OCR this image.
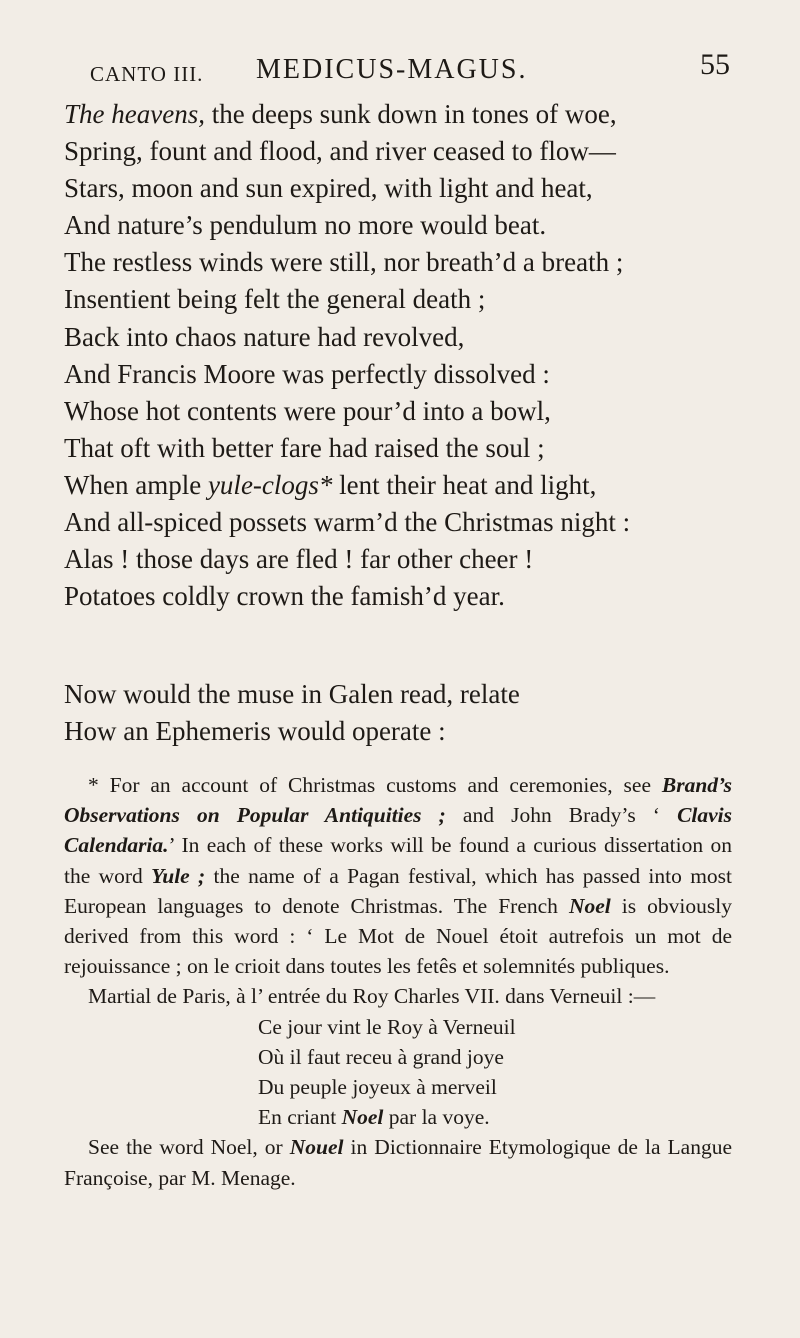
CANTO III. MEDICUS-MAGUS.	55
The heavens, the deeps sunk down in tones of woe,
Spring, fount and flood, and river ceased to flow—
Stars, moon and sun expired, with light and heat,
And nature’s pendulum no more would beat.
The restless winds were still, nor breath’d a breath ;
Insentient being felt the general death ;
Back into chaos nature had revolved,
And Francis Moore was perfectly dissolved :
Whose hot contents were pour’d into a bowl,
That oft with better fare had raised the soul ;
When ample yule-clogs* lent their heat and light,
And all-spiced possets warm’d the Christmas night :
Alas ! those days are fled ! far other cheer !
Potatoes coldly crown the famish’d year.
Now would the muse in Galen read, relate
How an Ephemeris would operate :

* For an account of Christmas customs and ceremonies, see Brand’s Observations on Popular Antiquities ; and John Brady’s ‘ Clavis Calendaria.’ In each of these works will be found a curious dissertation on the word Yule ; the name of a Pagan festival, which has passed into most European languages to denote Christmas. The French Noel is obviously derived from this word : ‘ Le Mot de Nouel étoit autrefois un mot de rejouissance ; on le crioit dans toutes les fetês et solemnités publiques.

Martial de Paris, à l’ entrée du Roy Charles VII. dans Verneuil :—

Ce jour vint le Roy à Verneuil
Où il faut receu à grand joye
Du peuple joyeux à merveil
En criant Noel par la voye.

See the word Noel, or Nouel in Dictionnaire Etymologique de la Langue Françoise, par M. Menage.
